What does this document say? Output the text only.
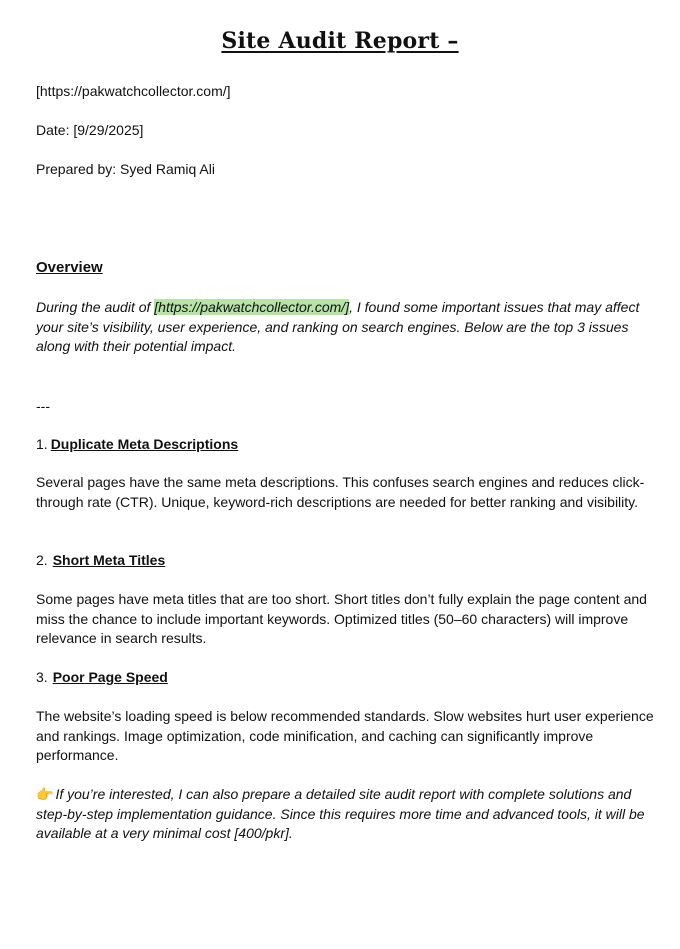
Site Audit Report –
[https://pakwatchcollector.com/]
Date: [9/29/2025]
Prepared by: Syed Ramiq Ali
Overview
During the audit of [https://pakwatchcollector.com/], I found some important issues that may affect your site’s visibility, user experience, and ranking on search engines. Below are the top 3 issues along with their potential impact.
---
1. Duplicate Meta Descriptions
Several pages have the same meta descriptions. This confuses search engines and reduces click-through rate (CTR). Unique, keyword-rich descriptions are needed for better ranking and visibility.
2. Short Meta Titles
Some pages have meta titles that are too short. Short titles don’t fully explain the page content and miss the chance to include important keywords. Optimized titles (50–60 characters) will improve relevance in search results.
3. Poor Page Speed
The website’s loading speed is below recommended standards. Slow websites hurt user experience and rankings. Image optimization, code minification, and caching can significantly improve performance.
👉 If you’re interested, I can also prepare a detailed site audit report with complete solutions and step-by-step implementation guidance. Since this requires more time and advanced tools, it will be available at a very minimal cost [400/pkr].
